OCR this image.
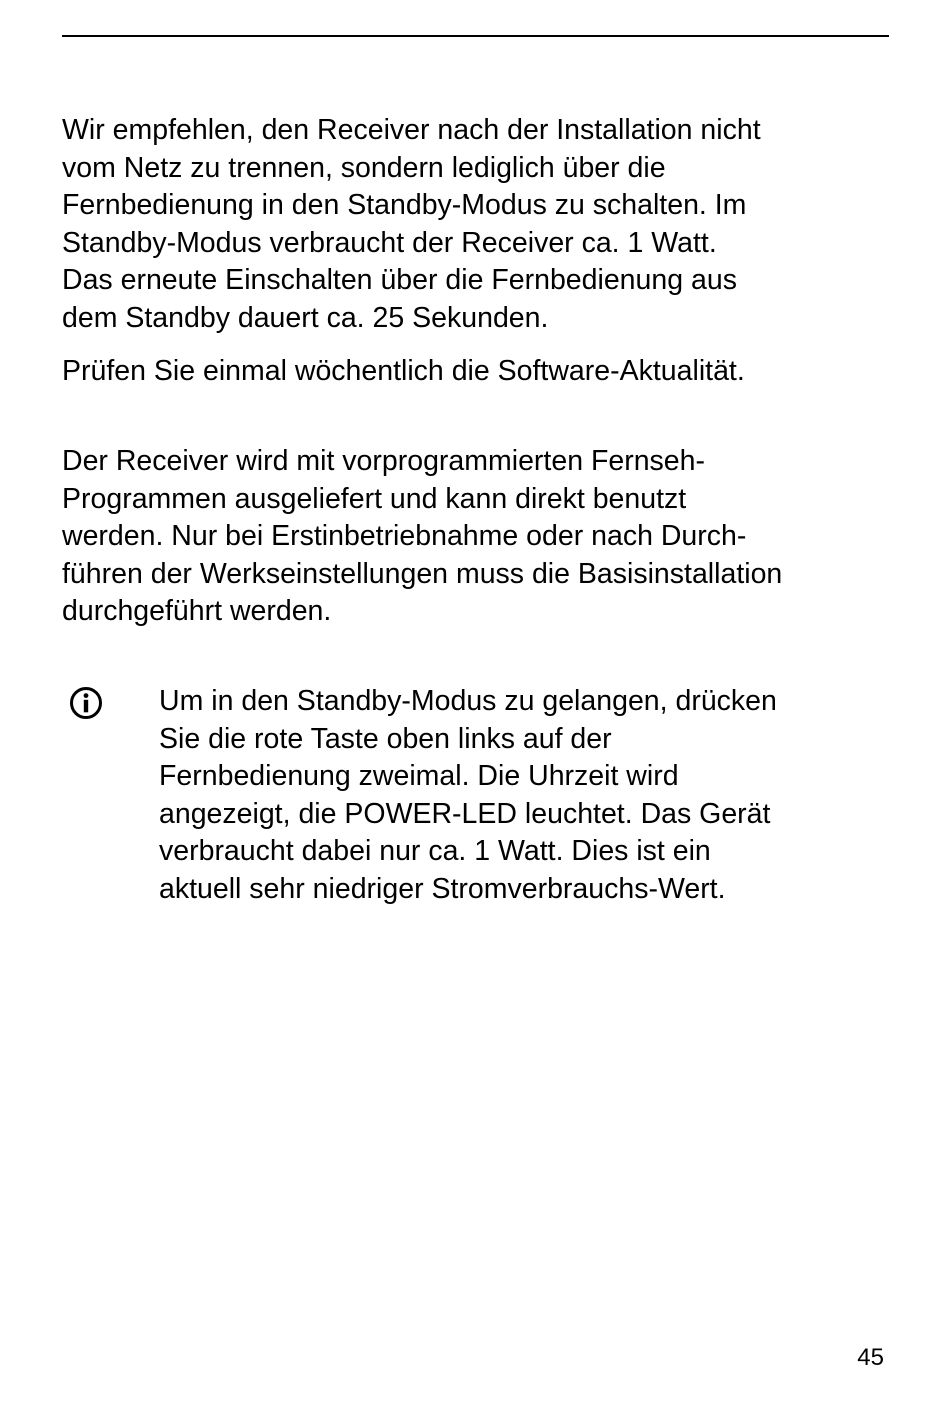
Wir empfehlen, den Receiver nach der Installation nicht
vom Netz zu trennen, sondern lediglich über die
Fernbedienung in den Standby-Modus zu schalten. Im
Standby-Modus verbraucht der Receiver ca. 1 Watt.
Das erneute Einschalten über die Fernbedienung aus
dem Standby dauert ca. 25 Sekunden.

Prüfen Sie einmal wöchentlich die Software-Aktualität.

Der Receiver wird mit vorprogrammierten Fernseh-
Programmen ausgeliefert und kann direkt benutzt
werden. Nur bei Erstinbetriebnahme oder nach Durch-
führen der Werkseinstellungen muss die Basisinstallation
durchgeführt werden.

Um in den Standby-Modus zu gelangen, drücken
Sie die rote Taste oben links auf der
Fernbedienung zweimal. Die Uhrzeit wird
angezeigt, die POWER-LED leuchtet. Das Gerät
verbraucht dabei nur ca. 1 Watt. Dies ist ein
aktuell sehr niedriger Stromverbrauchs-Wert.

45
